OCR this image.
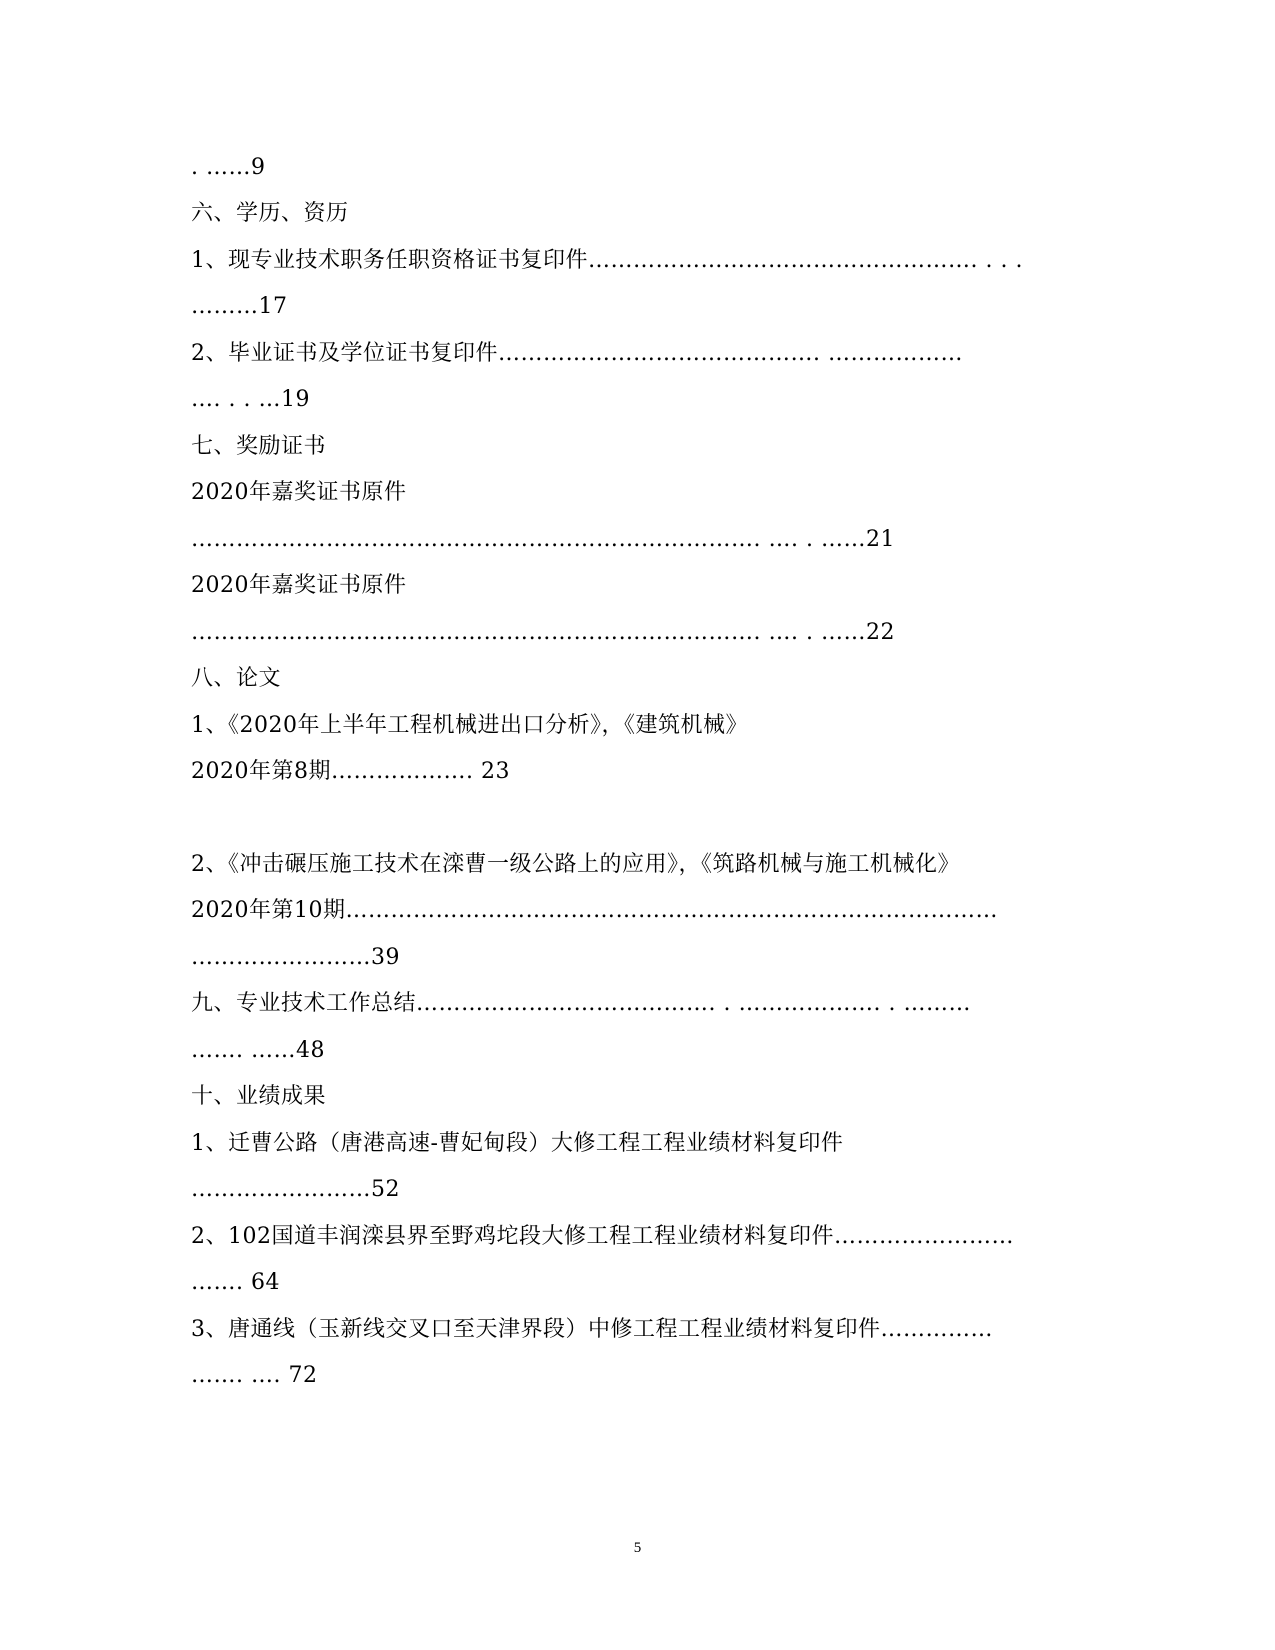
. ……9
六、学历、资历
1、现专业技术职务任职资格证书复印件……………………………………………. . . .
………17
2、毕业证书及学位证书复印件……………………………………. ………………
…. . . …19
七、奖励证书
2020年嘉奖证书原件
…………………………………………………………………. …. . ……21
2020年嘉奖证书原件
…………………………………………………………………. …. . ……22
八、论文
1、《2020年上半年工程机械进出口分析》，《建筑机械》
2020年第8期………………. 23
2、《冲击碾压施工技术在滦曹一级公路上的应用》，《筑路机械与施工机械化》
2020年第10期……………………………………………………………………………
……………………39
九、专业技术工作总结…………………………………. . ………………. . ………
……. ……48
十、业绩成果
1、迁曹公路（唐港高速-曹妃甸段）大修工程工程业绩材料复印件
……………………52
2、102国道丰润滦县界至野鸡坨段大修工程工程业绩材料复印件……………………
……. 64
3、唐通线（玉新线交叉口至天津界段）中修工程工程业绩材料复印件……………
……. …. 72
5
